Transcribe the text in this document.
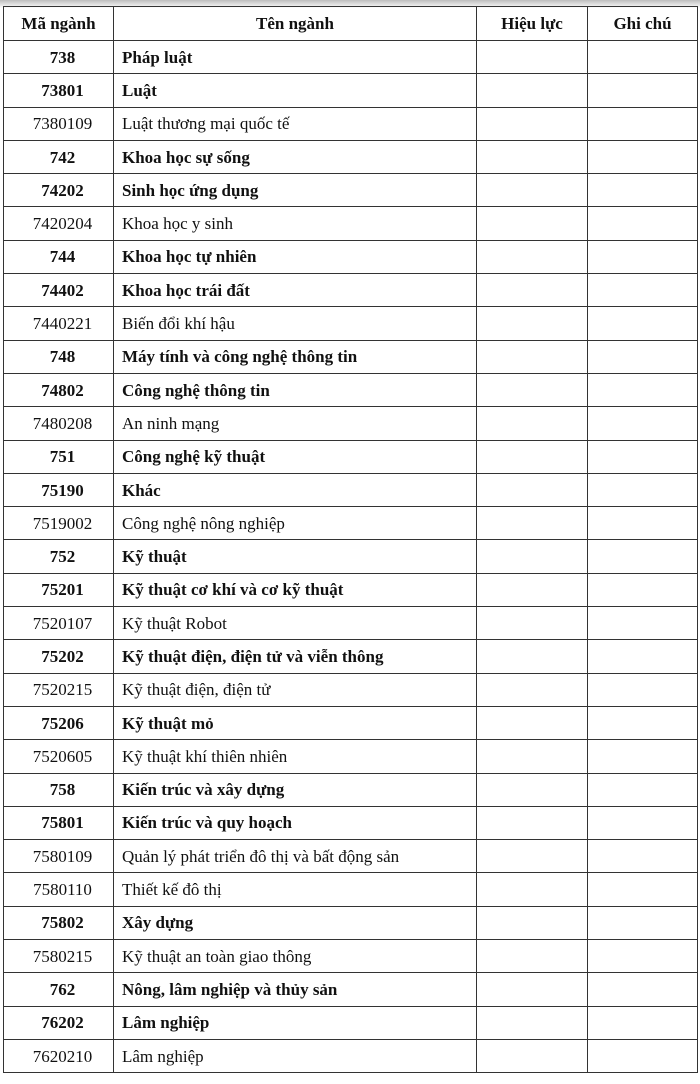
Mã ngành	Tên ngành	Hiệu lực	Ghi chú
738	Pháp luật		
73801	Luật		
7380109	Luật thương mại quốc tế		
742	Khoa học sự sống		
74202	Sinh học ứng dụng		
7420204	Khoa học y sinh		
744	Khoa học tự nhiên		
74402	Khoa học trái đất		
7440221	Biến đổi khí hậu		
748	Máy tính và công nghệ thông tin		
74802	Công nghệ thông tin		
7480208	An ninh mạng		
751	Công nghệ kỹ thuật		
75190	Khác		
7519002	Công nghệ nông nghiệp		
752	Kỹ thuật		
75201	Kỹ thuật cơ khí và cơ kỹ thuật		
7520107	Kỹ thuật Robot		
75202	Kỹ thuật điện, điện tử và viễn thông		
7520215	Kỹ thuật điện, điện tử		
75206	Kỹ thuật mỏ		
7520605	Kỹ thuật khí thiên nhiên		
758	Kiến trúc và xây dựng		
75801	Kiến trúc và quy hoạch		
7580109	Quản lý phát triển đô thị và bất động sản		
7580110	Thiết kế đô thị		
75802	Xây dựng		
7580215	Kỹ thuật an toàn giao thông		
762	Nông, lâm nghiệp và thủy sản		
76202	Lâm nghiệp		
7620210	Lâm nghiệp		
